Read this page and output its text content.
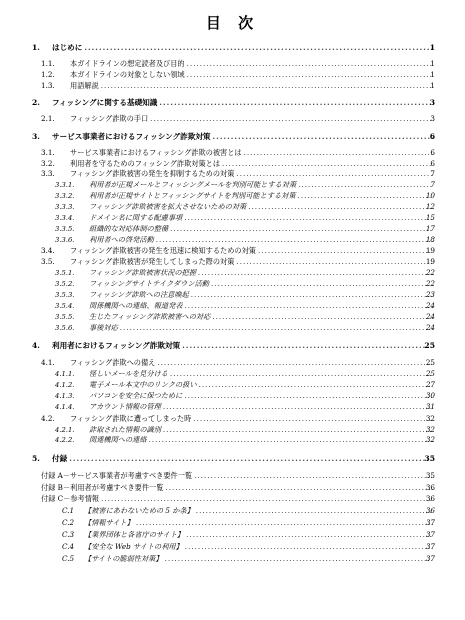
目 次
1. はじめに .....	1
1.1. 本ガイドラインの想定読者及び目的 .....	1
1.2. 本ガイドラインの対象としない領域 .....	1
1.3. 用語解説 .....	1
2. フィッシングに関する基礎知識 .....	3
2.1. フィッシング詐欺の手口 .....	3
3. サービス事業者におけるフィッシング詐欺対策 .....	6
3.1. サービス事業者におけるフィッシング詐欺の被害とは .....	6
3.2. 利用者を守るためのフィッシング詐欺対策とは .....	6
3.3. フィッシング詐欺被害の発生を抑制するための対策 .....	7
3.3.1. 利用者が正規メールとフィッシングメールを判別可能とする対策 .....	7
3.3.2. 利用者が正規サイトとフィッシングサイトを判別可能とする対策 .....	10
3.3.3. フィッシング詐欺被害を拡大させないための対策 .....	12
3.3.4. ドメイン名に関する配慮事項 .....	15
3.3.5. 組織的な対応体制の整備 .....	17
3.3.6. 利用者への啓発活動 .....	18
3.4. フィッシング詐欺被害の発生を迅速に検知するための対策 .....	19
3.5. フィッシング詐欺被害が発生してしまった際の対策 .....	19
3.5.1. フィッシング詐欺被害状況の把握 .....	22
3.5.2. フィッシングサイトテイクダウン活動 .....	22
3.5.3. フィッシング詐欺への注意喚起 .....	23
3.5.4. 関係機関への連絡、報道発表 .....	24
3.5.5. 生じたフィッシング詐欺被害への対応 .....	24
3.5.6. 事後対応 .....	24
4. 利用者におけるフィッシング詐欺対策 .....	25
4.1. フィッシング詐欺への備え .....	25
4.1.1. 怪しいメールを見分ける .....	25
4.1.2. 電子メール本文中のリンクの扱い .....	27
4.1.3. パソコンを安全に保つために .....	30
4.1.4. アカウント情報の管理 .....	31
4.2. フィッシング詐欺に遭ってしまった時 .....	32
4.2.1. 詐取された情報の識別 .....	32
4.2.2. 関連機関への連絡 .....	32
5. 付録 .....	35
付録 A－サービス事業者が考慮すべき要件一覧 .....	35
付録 B－利用者が考慮すべき要件一覧 .....	36
付録 C－参考情報 .....	36
C.1 【被害にあわないための 5 か条】 .....	36
C.2 【情報サイト】 .....	37
C.3 【業界団体と各省庁のサイト】 .....	37
C.4 【安全な Web サイトの利用】 .....	37
C.5 【サイトの脆弱性対策】 .....	37
